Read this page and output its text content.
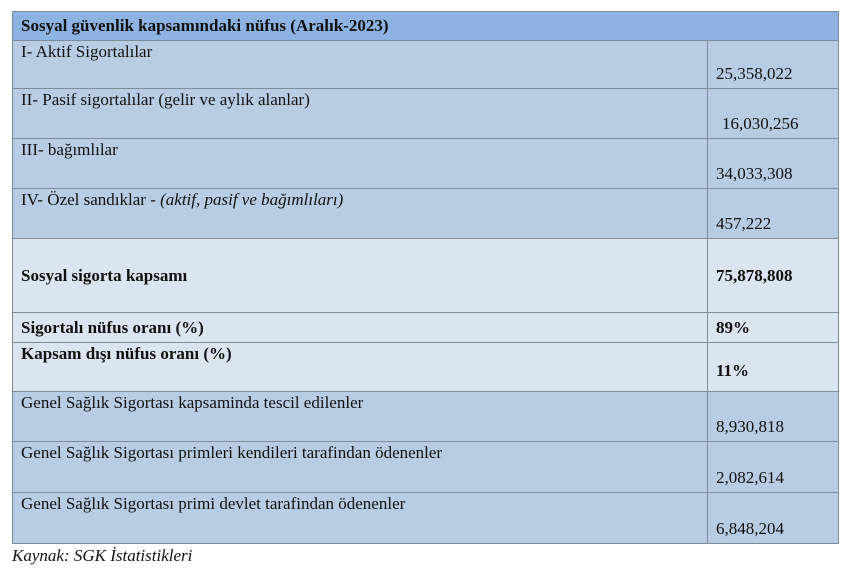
Sosyal güvenlik kapsamındaki nüfus (Aralık-2023)	
I- Aktif Sigortalılar	25,358,022
II- Pasif sigortalılar (gelir ve aylık alanlar)	16,030,256
III- bağımlılar	34,033,308
IV- Özel sandıklar - (aktif, pasif ve bağımlıları)	457,222
Sosyal sigorta kapsamı	75,878,808
Sigortalı nüfus oranı (%)	89%
Kapsam dışı nüfus oranı (%)	11%
Genel Sağlık Sigortası kapsaminda tescil edilenler	8,930,818
Genel Sağlık Sigortası primleri kendileri tarafindan ödenenler	2,082,614
Genel Sağlık Sigortası primi devlet tarafindan ödenenler	6,848,204
Kaynak: SGK İstatistikleri
